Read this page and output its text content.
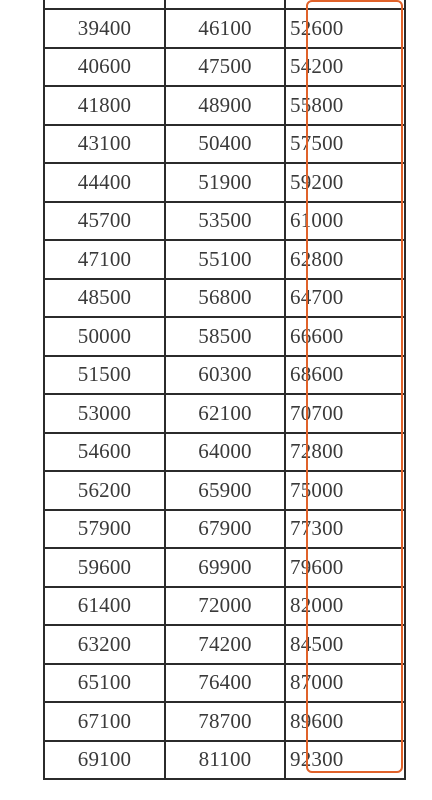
39400	46100	52600
40600	47500	54200
41800	48900	55800
43100	50400	57500
44400	51900	59200
45700	53500	61000
47100	55100	62800
48500	56800	64700
50000	58500	66600
51500	60300	68600
53000	62100	70700
54600	64000	72800
56200	65900	75000
57900	67900	77300
59600	69900	79600
61400	72000	82000
63200	74200	84500
65100	76400	87000
67100	78700	89600
69100	81100	92300
